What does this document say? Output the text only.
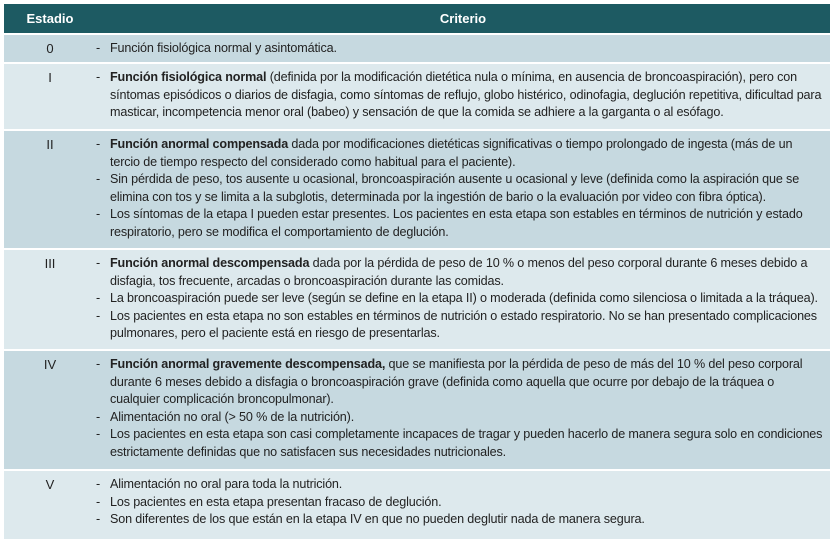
Estadio	Criterio
0	- Función fisiológica normal y asintomática.
I	- Función fisiológica normal (definida por la modificación dietética nula o mínima, en ausencia de broncoaspiración), pero con síntomas episódicos o diarios de disfagia, como síntomas de reflujo, globo histérico, odinofagia, deglución repetitiva, dificultad para masticar, incompetencia menor oral (babeo) y sensación de que la comida se adhiere a la garganta o al esófago.
II	- Función anormal compensada dada por modificaciones dietéticas significativas o tiempo prolongado de ingesta (más de un tercio de tiempo respecto del considerado como habitual para el paciente).
- Sin pérdida de peso, tos ausente u ocasional, broncoaspiración ausente u ocasional y leve (definida como la aspiración que se elimina con tos y se limita a la subglotis, determinada por la ingestión de bario o la evaluación por video con fibra óptica).
- Los síntomas de la etapa I pueden estar presentes. Los pacientes en esta etapa son estables en términos de nutrición y estado respiratorio, pero se modifica el comportamiento de deglución.
III	- Función anormal descompensada dada por la pérdida de peso de 10 % o menos del peso corporal durante 6 meses debido a disfagia, tos frecuente, arcadas o broncoaspiración durante las comidas.
- La broncoaspiración puede ser leve (según se define en la etapa II) o moderada (definida como silenciosa o limitada a la tráquea).
- Los pacientes en esta etapa no son estables en términos de nutrición o estado respiratorio. No se han presentado complicaciones pulmonares, pero el paciente está en riesgo de presentarlas.
IV	- Función anormal gravemente descompensada, que se manifiesta por la pérdida de peso de más del 10 % del peso corporal durante 6 meses debido a disfagia o broncoaspiración grave (definida como aquella que ocurre por debajo de la tráquea o cualquier complicación broncopulmonar).
- Alimentación no oral (> 50 % de la nutrición).
- Los pacientes en esta etapa son casi completamente incapaces de tragar y pueden hacerlo de manera segura solo en condiciones estrictamente definidas que no satisfacen sus necesidades nutricionales.
V	- Alimentación no oral para toda la nutrición.
- Los pacientes en esta etapa presentan fracaso de deglución.
- Son diferentes de los que están en la etapa IV en que no pueden deglutir nada de manera segura.
